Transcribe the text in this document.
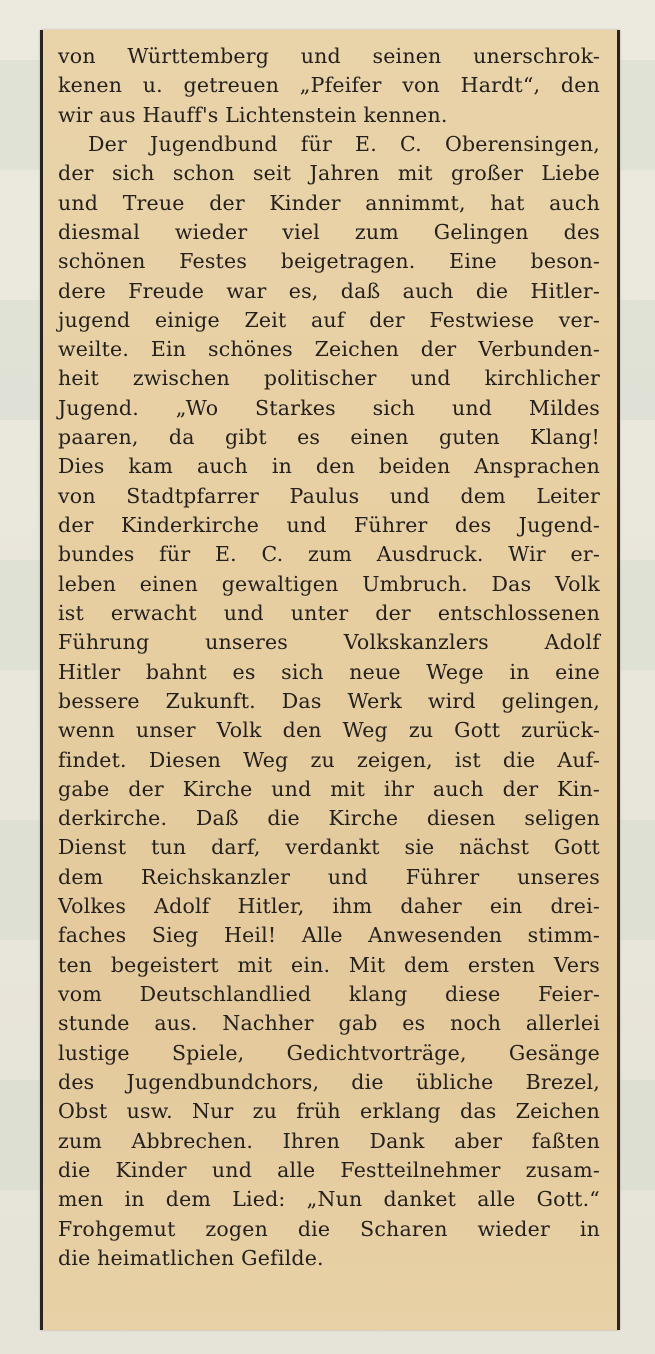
von Württemberg und seinen unerschrok-
kenen u. getreuen „Pfeifer von Hardt“, den
wir aus Hauff's Lichtenstein kennen.
Der Jugendbund für E. C. Oberensingen,
der sich schon seit Jahren mit großer Liebe
und Treue der Kinder annimmt, hat auch
diesmal wieder viel zum Gelingen des
schönen Festes beigetragen. Eine beson-
dere Freude war es, daß auch die Hitler-
jugend einige Zeit auf der Festwiese ver-
weilte. Ein schönes Zeichen der Verbunden-
heit zwischen politischer und kirchlicher
Jugend. „Wo Starkes sich und Mildes
paaren, da gibt es einen guten Klang!
Dies kam auch in den beiden Ansprachen
von Stadtpfarrer Paulus und dem Leiter
der Kinderkirche und Führer des Jugend-
bundes für E. C. zum Ausdruck. Wir er-
leben einen gewaltigen Umbruch. Das Volk
ist erwacht und unter der entschlossenen
Führung unseres Volkskanzlers Adolf
Hitler bahnt es sich neue Wege in eine
bessere Zukunft. Das Werk wird gelingen,
wenn unser Volk den Weg zu Gott zurück-
findet. Diesen Weg zu zeigen, ist die Auf-
gabe der Kirche und mit ihr auch der Kin-
derkirche. Daß die Kirche diesen seligen
Dienst tun darf, verdankt sie nächst Gott
dem Reichskanzler und Führer unseres
Volkes Adolf Hitler, ihm daher ein drei-
faches Sieg Heil! Alle Anwesenden stimm-
ten begeistert mit ein. Mit dem ersten Vers
vom Deutschlandlied klang diese Feier-
stunde aus. Nachher gab es noch allerlei
lustige Spiele, Gedichtvorträge, Gesänge
des Jugendbundchors, die übliche Brezel,
Obst usw. Nur zu früh erklang das Zeichen
zum Abbrechen. Ihren Dank aber faßten
die Kinder und alle Festteilnehmer zusam-
men in dem Lied: „Nun danket alle Gott.“
Frohgemut zogen die Scharen wieder in
die heimatlichen Gefilde.
